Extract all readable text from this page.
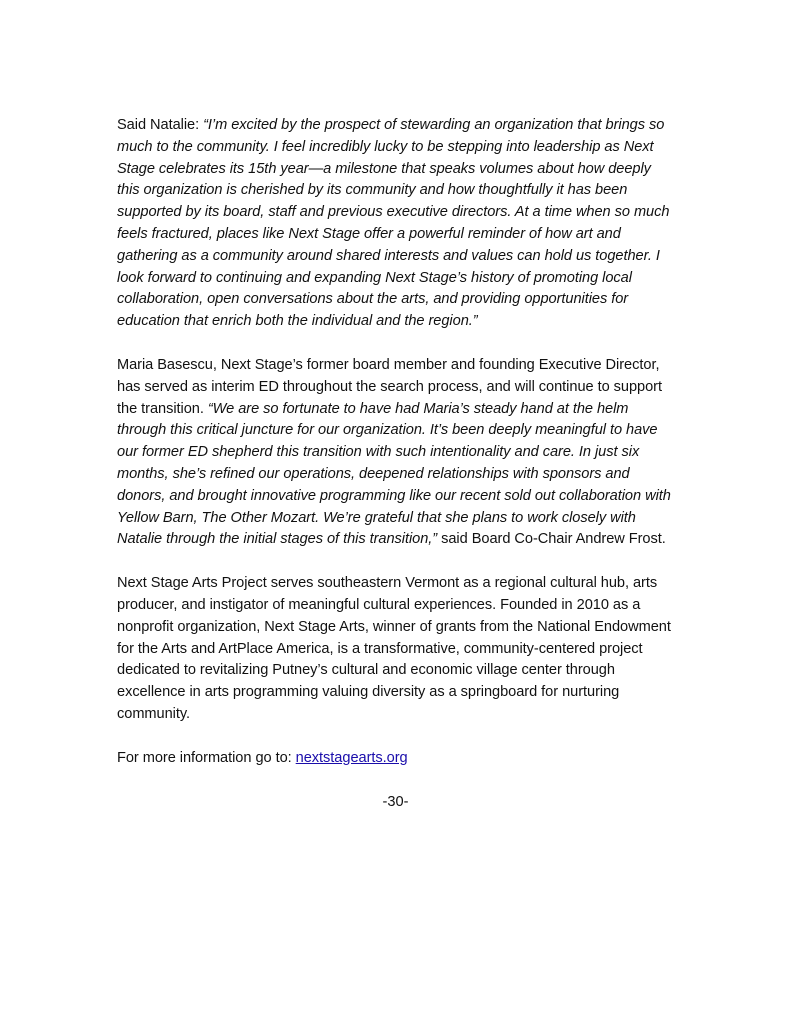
Said Natalie: “I’m excited by the prospect of stewarding an organization that brings so much to the community. I feel incredibly lucky to be stepping into leadership as Next Stage celebrates its 15th year—a milestone that speaks volumes about how deeply this organization is cherished by its community and how thoughtfully it has been supported by its board, staff and previous executive directors. At a time when so much feels fractured, places like Next Stage offer a powerful reminder of how art and gathering as a community around shared interests and values can hold us together. I look forward to continuing and expanding Next Stage’s history of promoting local collaboration, open conversations about the arts, and providing opportunities for education that enrich both the individual and the region.”

Maria Basescu, Next Stage’s former board member and founding Executive Director, has served as interim ED throughout the search process, and will continue to support the transition. “We are so fortunate to have had Maria’s steady hand at the helm through this critical juncture for our organization. It’s been deeply meaningful to have our former ED shepherd this transition with such intentionality and care. In just six months, she’s refined our operations, deepened relationships with sponsors and donors, and brought innovative programming like our recent sold out collaboration with Yellow Barn, The Other Mozart. We’re grateful that she plans to work closely with Natalie through the initial stages of this transition,” said Board Co-Chair Andrew Frost.

Next Stage Arts Project serves southeastern Vermont as a regional cultural hub, arts producer, and instigator of meaningful cultural experiences. Founded in 2010 as a nonprofit organization, Next Stage Arts, winner of grants from the National Endowment for the Arts and ArtPlace America, is a transformative, community-centered project dedicated to revitalizing Putney’s cultural and economic village center through excellence in arts programming valuing diversity as a springboard for nurturing community.

For more information go to: nextstagearts.org

-30-
